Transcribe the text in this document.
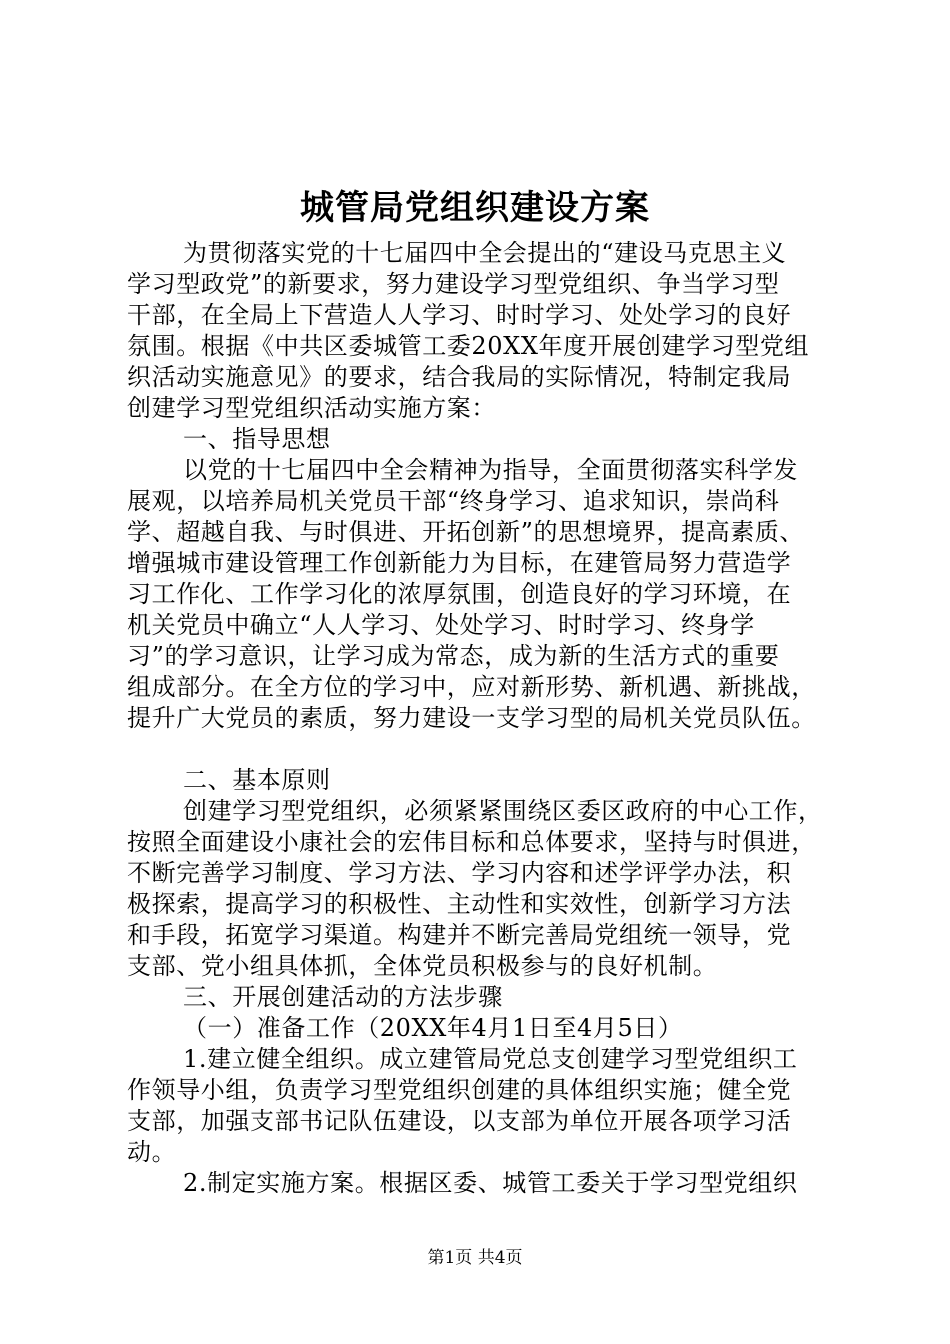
城管局党组织建设方案
为贯彻落实党的十七届四中全会提出的“建设马克思主义
学习型政党”的新要求，努力建设学习型党组织、争当学习型
干部，在全局上下营造人人学习、时时学习、处处学习的良好
氛围。根据《中共区委城管工委20XX年度开展创建学习型党组
织活动实施意见》的要求，结合我局的实际情况，特制定我局
创建学习型党组织活动实施方案：
一、指导思想
以党的十七届四中全会精神为指导，全面贯彻落实科学发
展观，以培养局机关党员干部“终身学习、追求知识，崇尚科
学、超越自我、与时俱进、开拓创新”的思想境界，提高素质、
增强城市建设管理工作创新能力为目标，在建管局努力营造学
习工作化、工作学习化的浓厚氛围，创造良好的学习环境，在
机关党员中确立“人人学习、处处学习、时时学习、终身学
习”的学习意识，让学习成为常态，成为新的生活方式的重要
组成部分。在全方位的学习中，应对新形势、新机遇、新挑战，
提升广大党员的素质，努力建设一支学习型的局机关党员队伍。
二、基本原则
创建学习型党组织，必须紧紧围绕区委区政府的中心工作，
按照全面建设小康社会的宏伟目标和总体要求，坚持与时俱进，
不断完善学习制度、学习方法、学习内容和述学评学办法，积
极探索，提高学习的积极性、主动性和实效性，创新学习方法
和手段，拓宽学习渠道。构建并不断完善局党组统一领导，党
支部、党小组具体抓，全体党员积极参与的良好机制。
三、开展创建活动的方法步骤
（一）准备工作（20XX年4月1日至4月5日）
1.建立健全组织。成立建管局党总支创建学习型党组织工
作领导小组，负责学习型党组织创建的具体组织实施；健全党
支部，加强支部书记队伍建设，以支部为单位开展各项学习活
动。
2.制定实施方案。根据区委、城管工委关于学习型党组织
第1页 共4页
